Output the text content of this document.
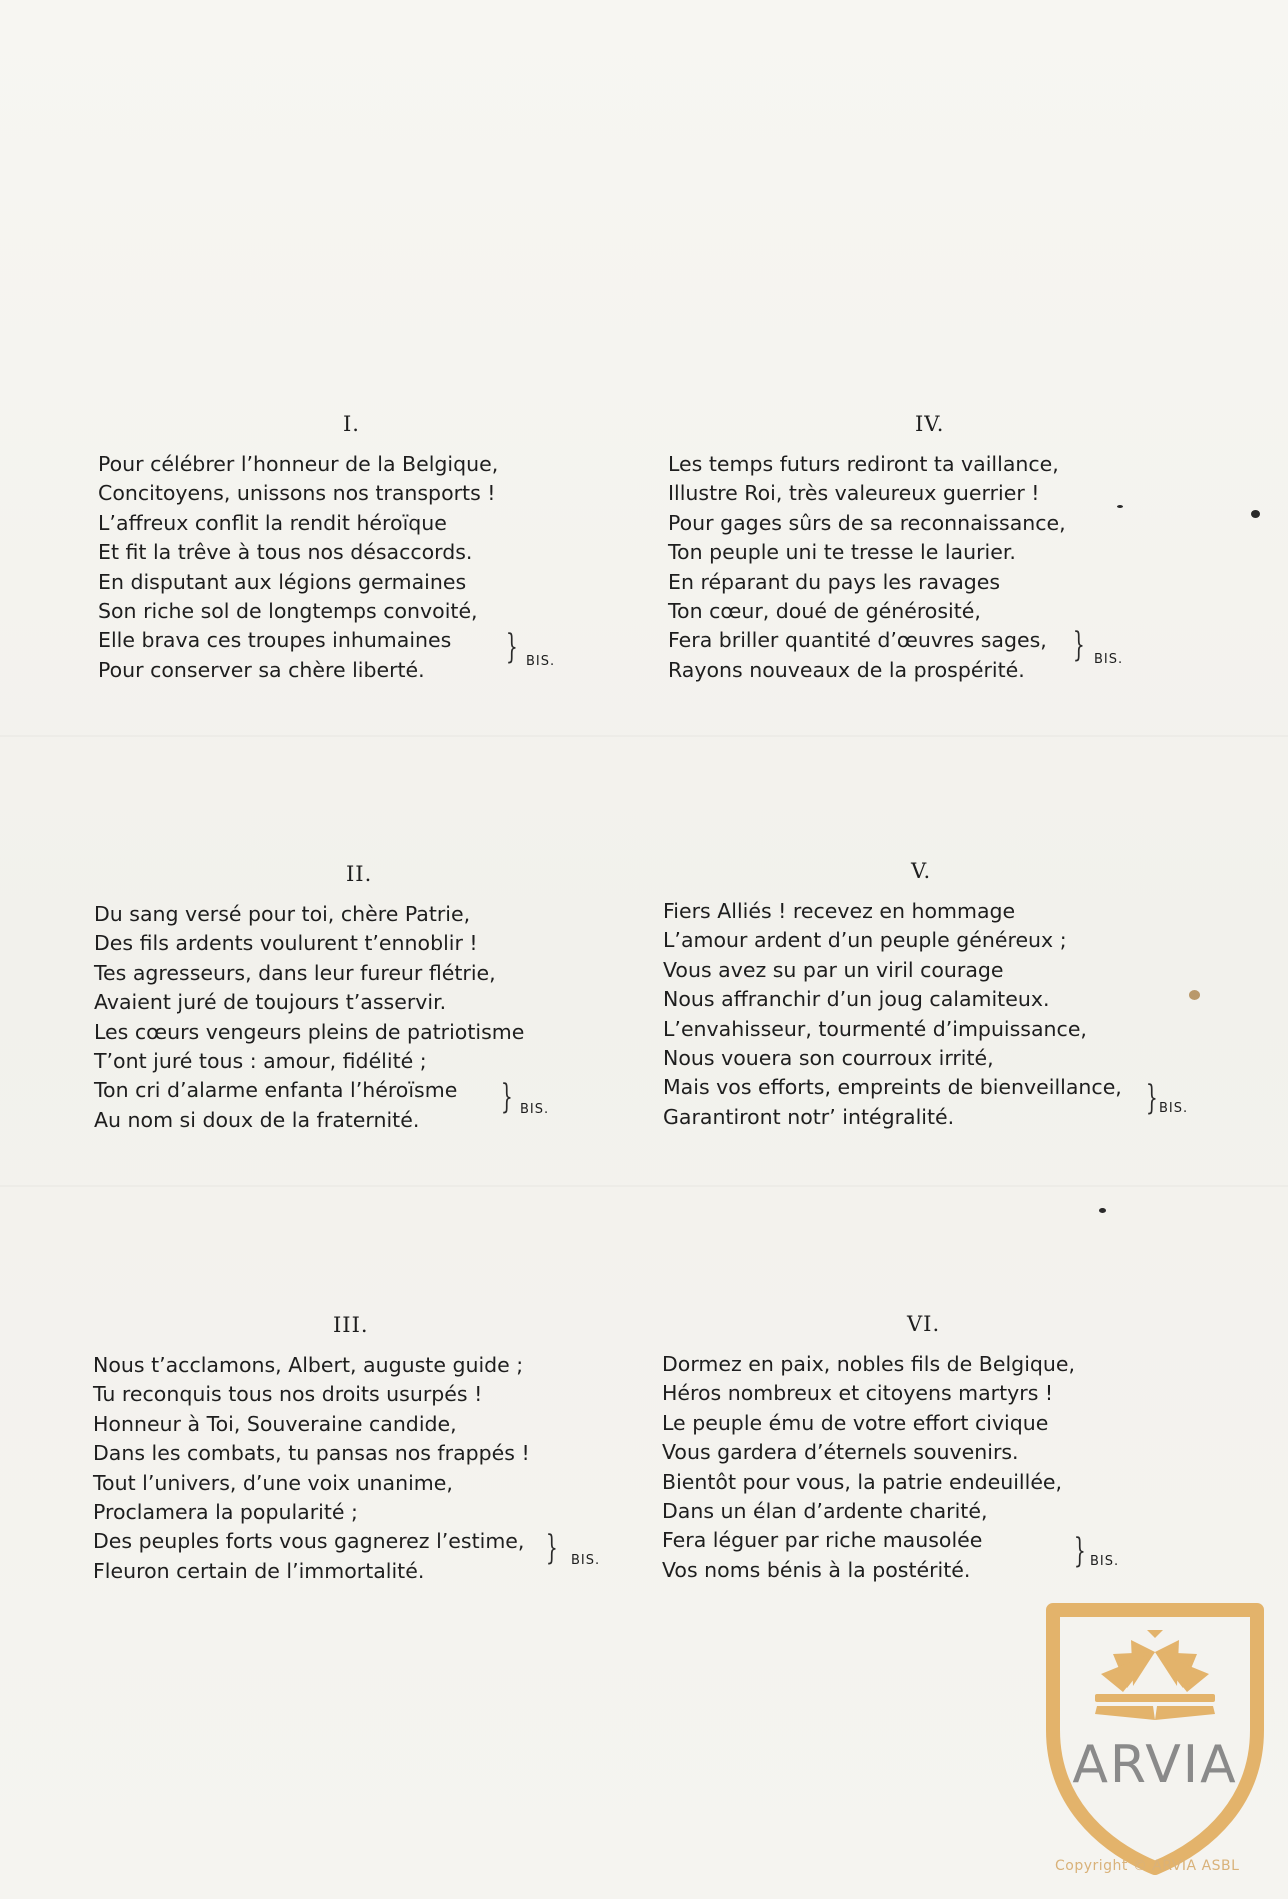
I.
Pour célébrer l’honneur de la Belgique,
Concitoyens, unissons nos transports !
L’affreux conflit la rendit héroïque
Et fit la trêve à tous nos désaccords.
En disputant aux légions germaines
Son riche sol de longtemps convoité,
Elle brava ces troupes inhumaines
Pour conserver sa chère liberté.
} BIS.
II.
Du sang versé pour toi, chère Patrie,
Des fils ardents voulurent t’ennoblir !
Tes agresseurs, dans leur fureur flétrie,
Avaient juré de toujours t’asservir.
Les cœurs vengeurs pleins de patriotisme
T’ont juré tous : amour, fidélité ;
Ton cri d’alarme enfanta l’héroïsme
Au nom si doux de la fraternité.
} BIS.
III.
Nous t’acclamons, Albert, auguste guide ;
Tu reconquis tous nos droits usurpés !
Honneur à Toi, Souveraine candide,
Dans les combats, tu pansas nos frappés !
Tout l’univers, d’une voix unanime,
Proclamera la popularité ;
Des peuples forts vous gagnerez l’estime,
Fleuron certain de l’immortalité.
} BIS.
IV.
Les temps futurs rediront ta vaillance,
Illustre Roi, très valeureux guerrier !
Pour gages sûrs de sa reconnaissance,
Ton peuple uni te tresse le laurier.
En réparant du pays les ravages
Ton cœur, doué de générosité,
Fera briller quantité d’œuvres sages,
Rayons nouveaux de la prospérité.
} BIS.
V.
Fiers Alliés ! recevez en hommage
L’amour ardent d’un peuple généreux ;
Vous avez su par un viril courage
Nous affranchir d’un joug calamiteux.
L’envahisseur, tourmenté d’impuissance,
Nous vouera son courroux irrité,
Mais vos efforts, empreints de bienveillance,
Garantiront notr’ intégralité.	} BIS.
VI.
Dormez en paix, nobles fils de Belgique,
Héros nombreux et citoyens martyrs !
Le peuple ému de votre effort civique
Vous gardera d’éternels souvenirs.
Bientôt pour vous, la patrie endeuillée,
Dans un élan d’ardente charité,
Fera léguer par riche mausolée
Vos noms bénis à la postérité.	} BIS.
ARVIA
Copyright © ARVIA ASBL
